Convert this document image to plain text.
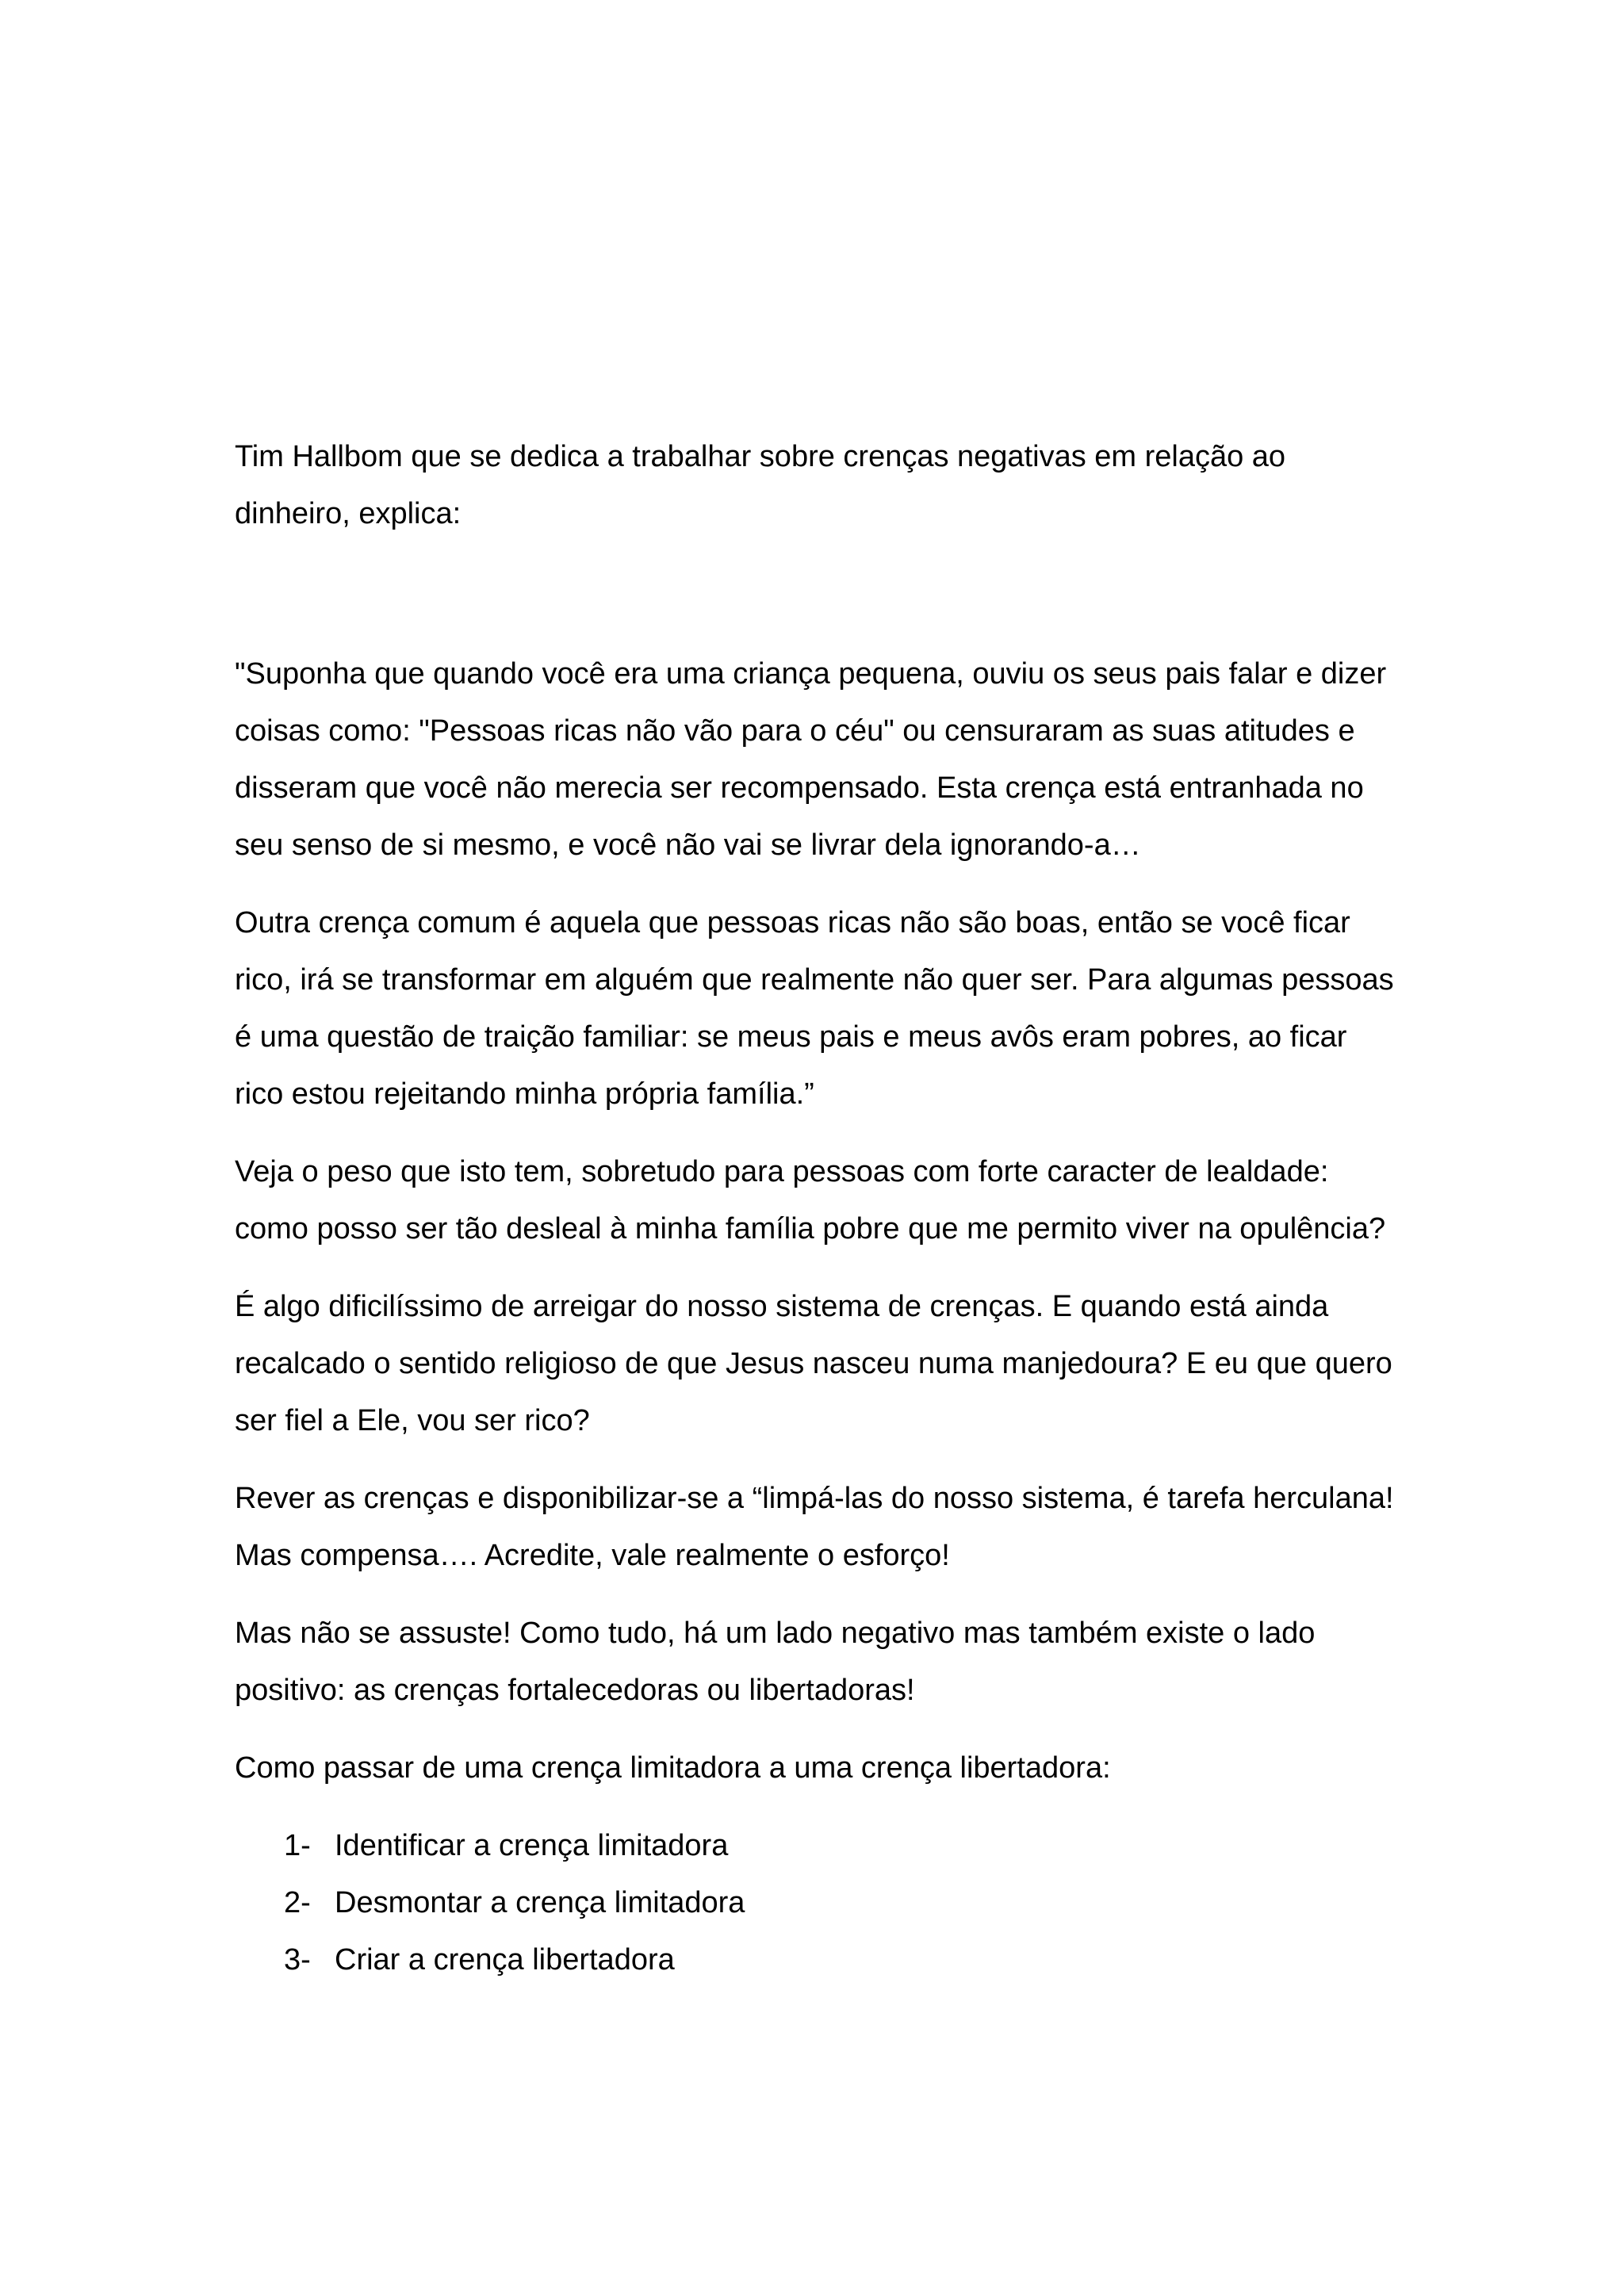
Tim Hallbom que se dedica a trabalhar sobre crenças negativas em relação ao
dinheiro, explica:

"Suponha que quando você era uma criança pequena, ouviu os seus pais falar e dizer
coisas como: "Pessoas ricas não vão para o céu" ou censuraram as suas atitudes e
disseram que você não merecia ser recompensado. Esta crença está entranhada no
seu senso de si mesmo, e você não vai se livrar dela ignorando-a…

Outra crença comum é aquela que pessoas ricas não são boas, então se você ficar
rico, irá se transformar em alguém que realmente não quer ser. Para algumas pessoas
é uma questão de traição familiar: se meus pais e meus avôs eram pobres, ao ficar
rico estou rejeitando minha própria família.”

Veja o peso que isto tem, sobretudo para pessoas com forte caracter de lealdade:
como posso ser tão desleal à minha família pobre que me permito viver na opulência?

É algo dificilíssimo de arreigar do nosso sistema de crenças. E quando está ainda
recalcado o sentido religioso de que Jesus nasceu numa manjedoura? E eu que quero
ser fiel a Ele, vou ser rico?

Rever as crenças e disponibilizar-se a “limpá-las do nosso sistema, é tarefa herculana!
Mas compensa…. Acredite, vale realmente o esforço!

Mas não se assuste! Como tudo, há um lado negativo mas também existe o lado
positivo: as crenças fortalecedoras ou libertadoras!

Como passar de uma crença limitadora a uma crença libertadora:

1- Identificar a crença limitadora
2- Desmontar a crença limitadora
3- Criar a crença libertadora
